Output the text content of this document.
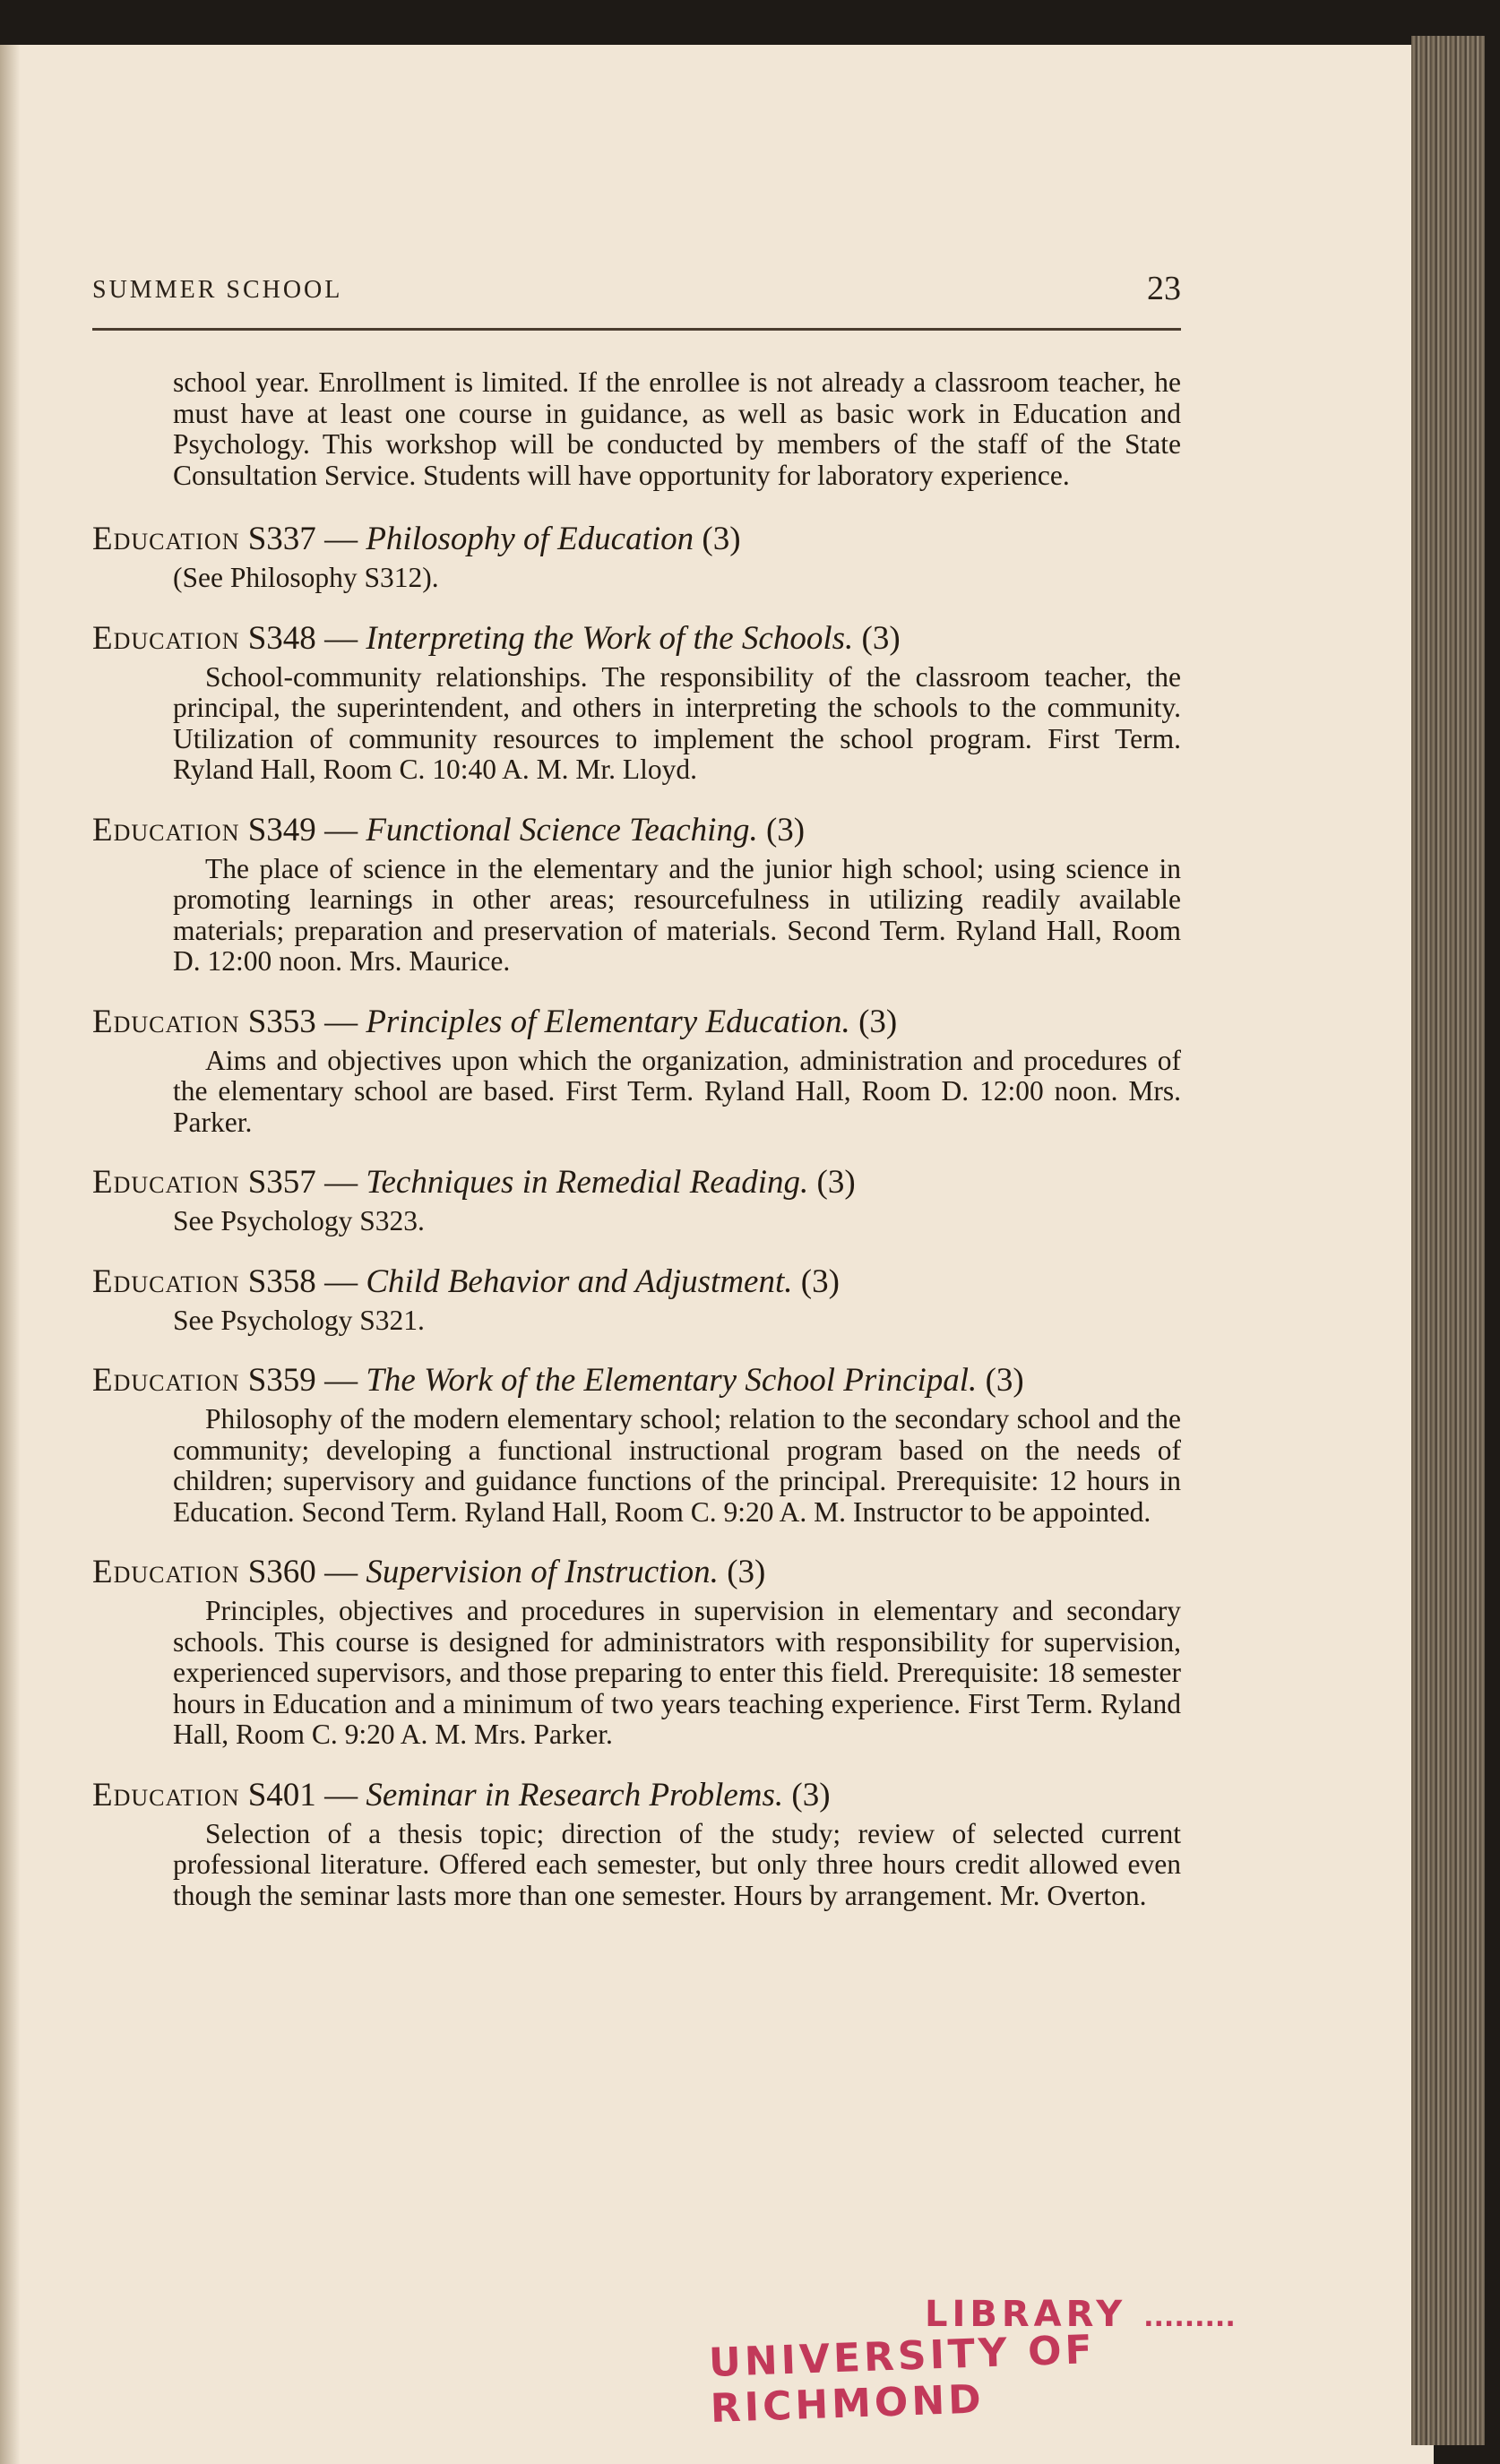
SUMMER SCHOOL	23

school year. Enrollment is limited. If the enrollee is not already a classroom teacher, he must have at least one course in guidance, as well as basic work in Education and Psychology. This workshop will be conducted by members of the staff of the State Consultation Service. Students will have opportunity for laboratory experience.

Education S337 — Philosophy of Education (3)
(See Philosophy S312).
Education S348 — Interpreting the Work of the Schools. (3)
School-community relationships. The responsibility of the classroom teacher, the principal, the superintendent, and others in interpreting the schools to the community. Utilization of community resources to implement the school program. First Term. Ryland Hall, Room C. 10:40 A. M. Mr. Lloyd.
Education S349 — Functional Science Teaching. (3)
The place of science in the elementary and the junior high school; using science in promoting learnings in other areas; resourcefulness in utilizing readily available materials; preparation and preservation of materials. Second Term. Ryland Hall, Room D. 12:00 noon. Mrs. Maurice.
Education S353 — Principles of Elementary Education. (3)
Aims and objectives upon which the organization, administration and procedures of the elementary school are based. First Term. Ryland Hall, Room D. 12:00 noon. Mrs. Parker.
Education S357 — Techniques in Remedial Reading. (3)
See Psychology S323.
Education S358 — Child Behavior and Adjustment. (3)
See Psychology S321.
Education S359 — The Work of the Elementary School Principal. (3)
Philosophy of the modern elementary school; relation to the secondary school and the community; developing a functional instructional program based on the needs of children; supervisory and guidance functions of the principal. Prerequisite: 12 hours in Education. Second Term. Ryland Hall, Room C. 9:20 A. M. Instructor to be appointed.
Education S360 — Supervision of Instruction. (3)
Principles, objectives and procedures in supervision in elementary and secondary schools. This course is designed for administrators with responsibility for supervision, experienced supervisors, and those preparing to enter this field. Prerequisite: 18 semester hours in Education and a minimum of two years teaching experience. First Term. Ryland Hall, Room C. 9:20 A. M. Mrs. Parker.
Education S401 — Seminar in Research Problems. (3)
Selection of a thesis topic; direction of the study; review of selected current professional literature. Offered each semester, but only three hours credit allowed even though the seminar lasts more than one semester. Hours by arrangement. Mr. Overton.
LIBRARY .........
UNIVERSITY OF RICHMOND
